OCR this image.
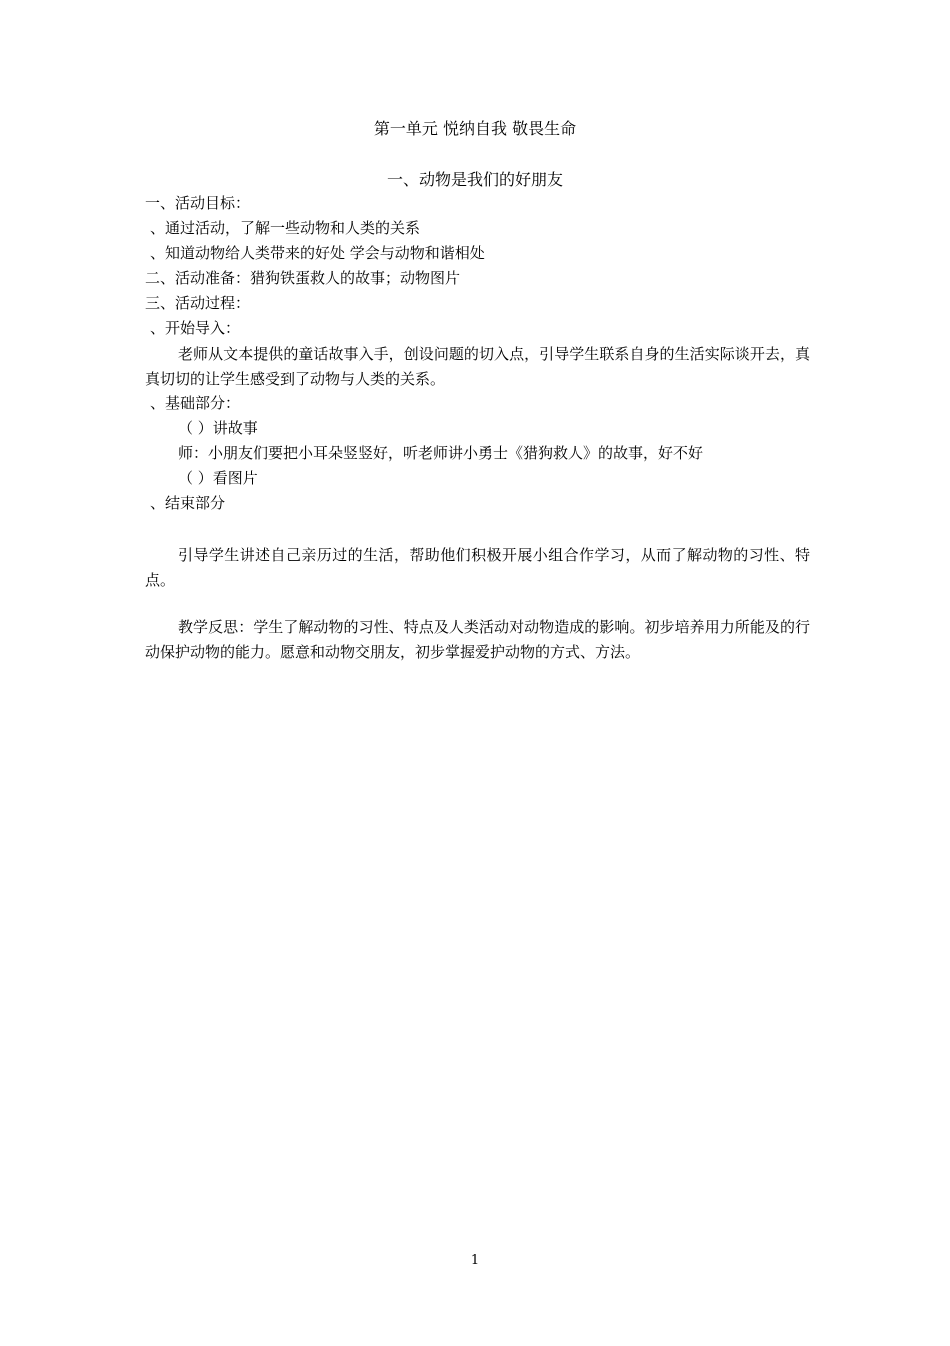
第一单元 悦纳自我 敬畏生命
一、动物是我们的好朋友
一、活动目标：
、通过活动，了解一些动物和人类的关系
、知道动物给人类带来的好处 学会与动物和谐相处
二、活动准备：猎狗铁蛋救人的故事；动物图片
三、活动过程：
、开始导入：
老师从文本提供的童话故事入手，创设问题的切入点，引导学生联系自身的生活实际谈开去，真真切切的让学生感受到了动物与人类的关系。
、基础部分：
（ ）讲故事
师：小朋友们要把小耳朵竖竖好，听老师讲小勇士《猎狗救人》的故事，好不好
（ ）看图片
、结束部分
引导学生讲述自己亲历过的生活，帮助他们积极开展小组合作学习，从而了解动物的习性、特点。
教学反思：学生了解动物的习性、特点及人类活动对动物造成的影响。初步培养用力所能及的行动保护动物的能力。愿意和动物交朋友，初步掌握爱护动物的方式、方法。
1
